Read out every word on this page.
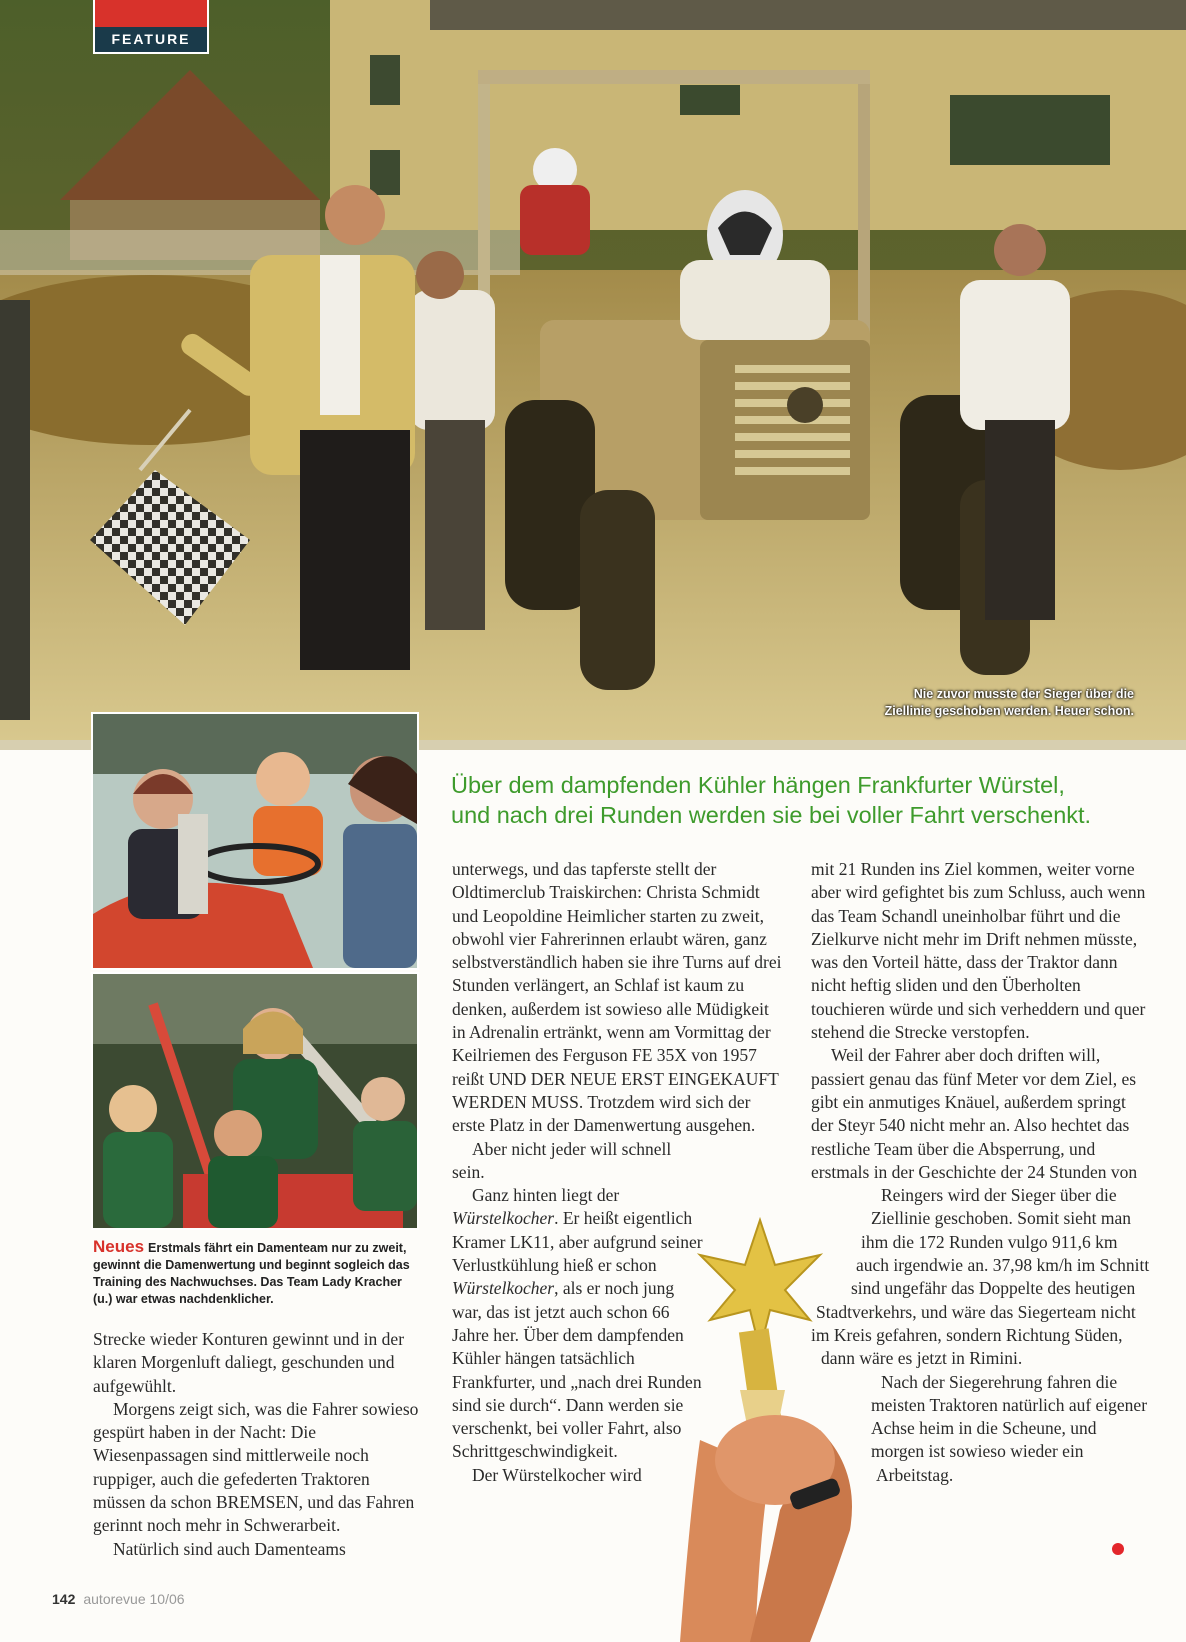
FEATURE
Nie zuvor musste der Sieger über die
Ziellinie geschoben werden. Heuer schon.
Neues Erstmals fährt ein Damenteam nur zu zweit, gewinnt die Damenwertung und beginnt sogleich das Training des Nachwuchses. Das Team Lady Kracher (u.) war etwas nachdenklicher.
Über dem dampfenden Kühler hängen Frankfurter Würstel,
und nach drei Runden werden sie bei voller Fahrt verschenkt.

Strecke wieder Konturen gewinnt und in der klaren Morgenluft daliegt, geschunden und aufgewühlt.

Morgens zeigt sich, was die Fahrer sowieso gespürt haben in der Nacht: Die Wiesenpassagen sind mittlerweile noch ruppiger, auch die gefederten Traktoren müssen da schon BREMSEN, und das Fahren gerinnt noch mehr in Schwerarbeit.

Natürlich sind auch Damenteams

unterwegs, und das tapferste stellt der Oldtimerclub Traiskirchen: Christa Schmidt und Leopoldine Heimlicher starten zu zweit, obwohl vier Fahrerinnen erlaubt wären, ganz selbstverständlich haben sie ihre Turns auf drei Stunden verlängert, an Schlaf ist kaum zu denken, außerdem ist sowieso alle Müdigkeit in Adrenalin ertränkt, wenn am Vormittag der Keilriemen des Ferguson FE 35X von 1957 reißt UND DER NEUE ERST EINGEKAUFT WERDEN MUSS. Trotzdem wird sich der erste Platz in der Damenwertung ausgehen.

Aber nicht jeder will schnell sein.

Ganz hinten liegt der Würstelkocher. Er heißt eigentlich Kramer LK11, aber aufgrund seiner Verlustkühlung hieß er schon Würstelkocher, als er noch jung war, das ist jetzt auch schon 66 Jahre her. Über dem dampfenden Kühler hängen tatsächlich Frankfurter, und „nach drei Runden sind sie durch“. Dann werden sie verschenkt, bei voller Fahrt, also Schrittgeschwindigkeit.

Der Würstelkocher wird

mit 21 Runden ins Ziel kommen, weiter vorne aber wird gefightet bis zum Schluss, auch wenn das Team Schandl uneinholbar führt und die Zielkurve nicht mehr im Drift nehmen müsste, was den Vorteil hätte, dass der Traktor dann nicht heftig sliden und den Überholten touchieren würde und sich verheddern und quer stehend die Strecke verstopfen.

Weil der Fahrer aber doch driften will,
passiert genau das fünf Meter vor dem Ziel, es
gibt ein anmutiges Knäuel, außerdem springt
der Steyr 540 nicht mehr an. Also hechtet das
restliche Team über die Absperrung, und
erstmals in der Geschichte der 24 Stunden von
Reingers wird der Sieger über die
Ziellinie geschoben. Somit sieht man
ihm die 172 Runden vulgo 911,6 km
auch irgendwie an. 37,98 km/h im Schnitt
sind ungefähr das Doppelte des heutigen
Stadtverkehrs, und wäre das Siegerteam nicht
im Kreis gefahren, sondern Richtung Süden,
dann wäre es jetzt in Rimini.

Nach der Siegerehrung fahren die
meisten Traktoren natürlich auf eigener
Achse heim in die Scheune, und
morgen ist sowieso wieder ein
Arbeitstag.

142 autorevue 10/06
